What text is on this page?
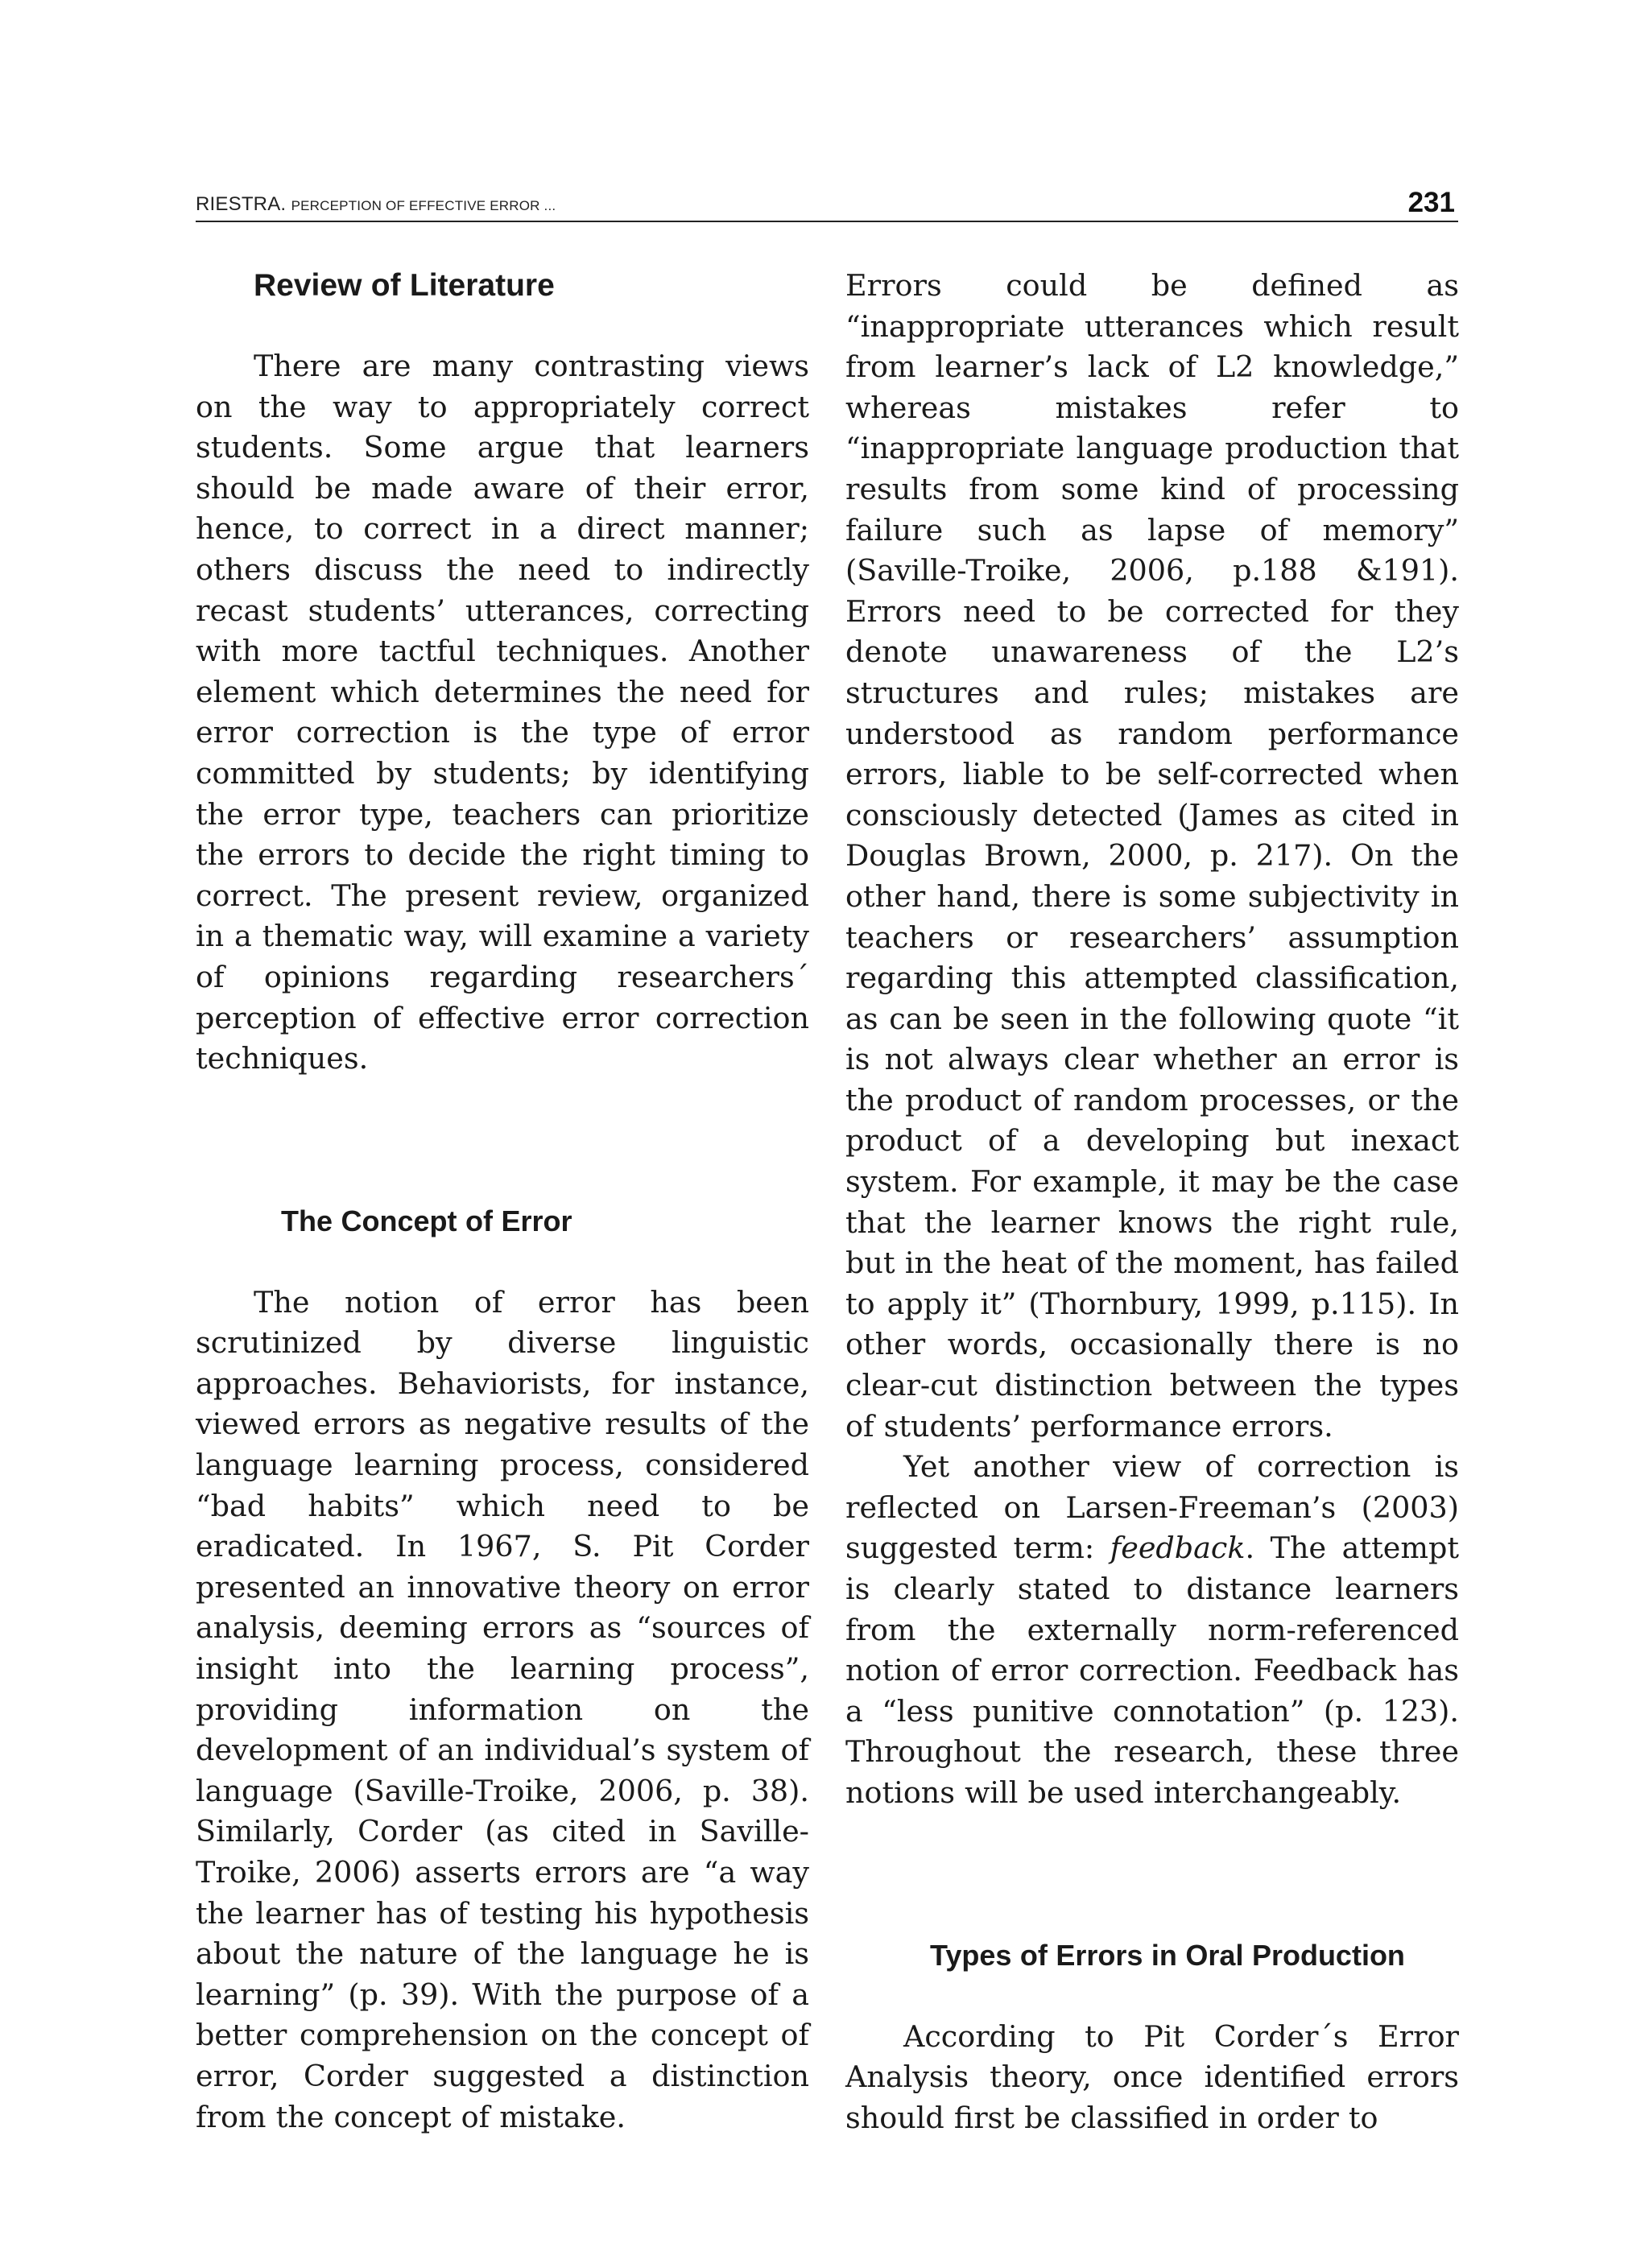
RIESTRA. PERCEPTION OF EFFECTIVE ERROR ...	231
Review of Literature

There are many contrasting views on the way to appropriately correct students. Some argue that learners should be made aware of their error, hence, to correct in a direct manner; others discuss the need to indirectly recast students’ utterances, correcting with more tactful techniques. Another element which determines the need for error correction is the type of error committed by students; by identifying the error type, teachers can prioritize the errors to decide the right timing to correct. The present review, organized in a thematic way, will examine a variety of opinions regarding researchers´ perception of effective error correction techniques.

The Concept of Error

The notion of error has been scrutinized by diverse linguistic approaches. Behaviorists, for instance, viewed errors as negative results of the language learning process, considered “bad habits” which need to be eradicated. In 1967, S. Pit Corder presented an innovative theory on error analysis, deeming errors as “sources of insight into the learning process”, providing information on the development of an individual’s system of language (Saville-Troike, 2006, p. 38). Similarly, Corder (as cited in Saville-Troike, 2006) asserts errors are “a way the learner has of testing his hypothesis about the nature of the language he is learning” (p. 39). With the purpose of a better comprehension on the concept of error, Corder suggested a distinction from the concept of mistake.

Errors could be defined as “inappropriate utterances which result from learner’s lack of L2 knowledge,” whereas mistakes refer to “inappropriate language production that results from some kind of processing failure such as lapse of memory” (Saville-Troike, 2006, p.188 &191). Errors need to be corrected for they denote unawareness of the L2’s structures and rules; mistakes are understood as random performance errors, liable to be self-corrected when consciously detected (James as cited in Douglas Brown, 2000, p. 217). On the other hand, there is some subjectivity in teachers or researchers’ assumption regarding this attempted classification, as can be seen in the following quote “it is not always clear whether an error is the product of random processes, or the product of a developing but inexact system. For example, it may be the case that the learner knows the right rule, but in the heat of the moment, has failed to apply it” (Thornbury, 1999, p.115). In other words, occasionally there is no clear-cut distinction between the types of students’ performance errors.

Yet another view of correction is reflected on Larsen-Freeman’s (2003) suggested term: feedback. The attempt is clearly stated to distance learners from the externally norm-referenced notion of error correction. Feedback has a “less punitive connotation” (p. 123). Throughout the research, these three notions will be used interchangeably.

Types of Errors in Oral Production

According to Pit Corder´s Error Analysis theory, once identified errors should first be classified in order to
